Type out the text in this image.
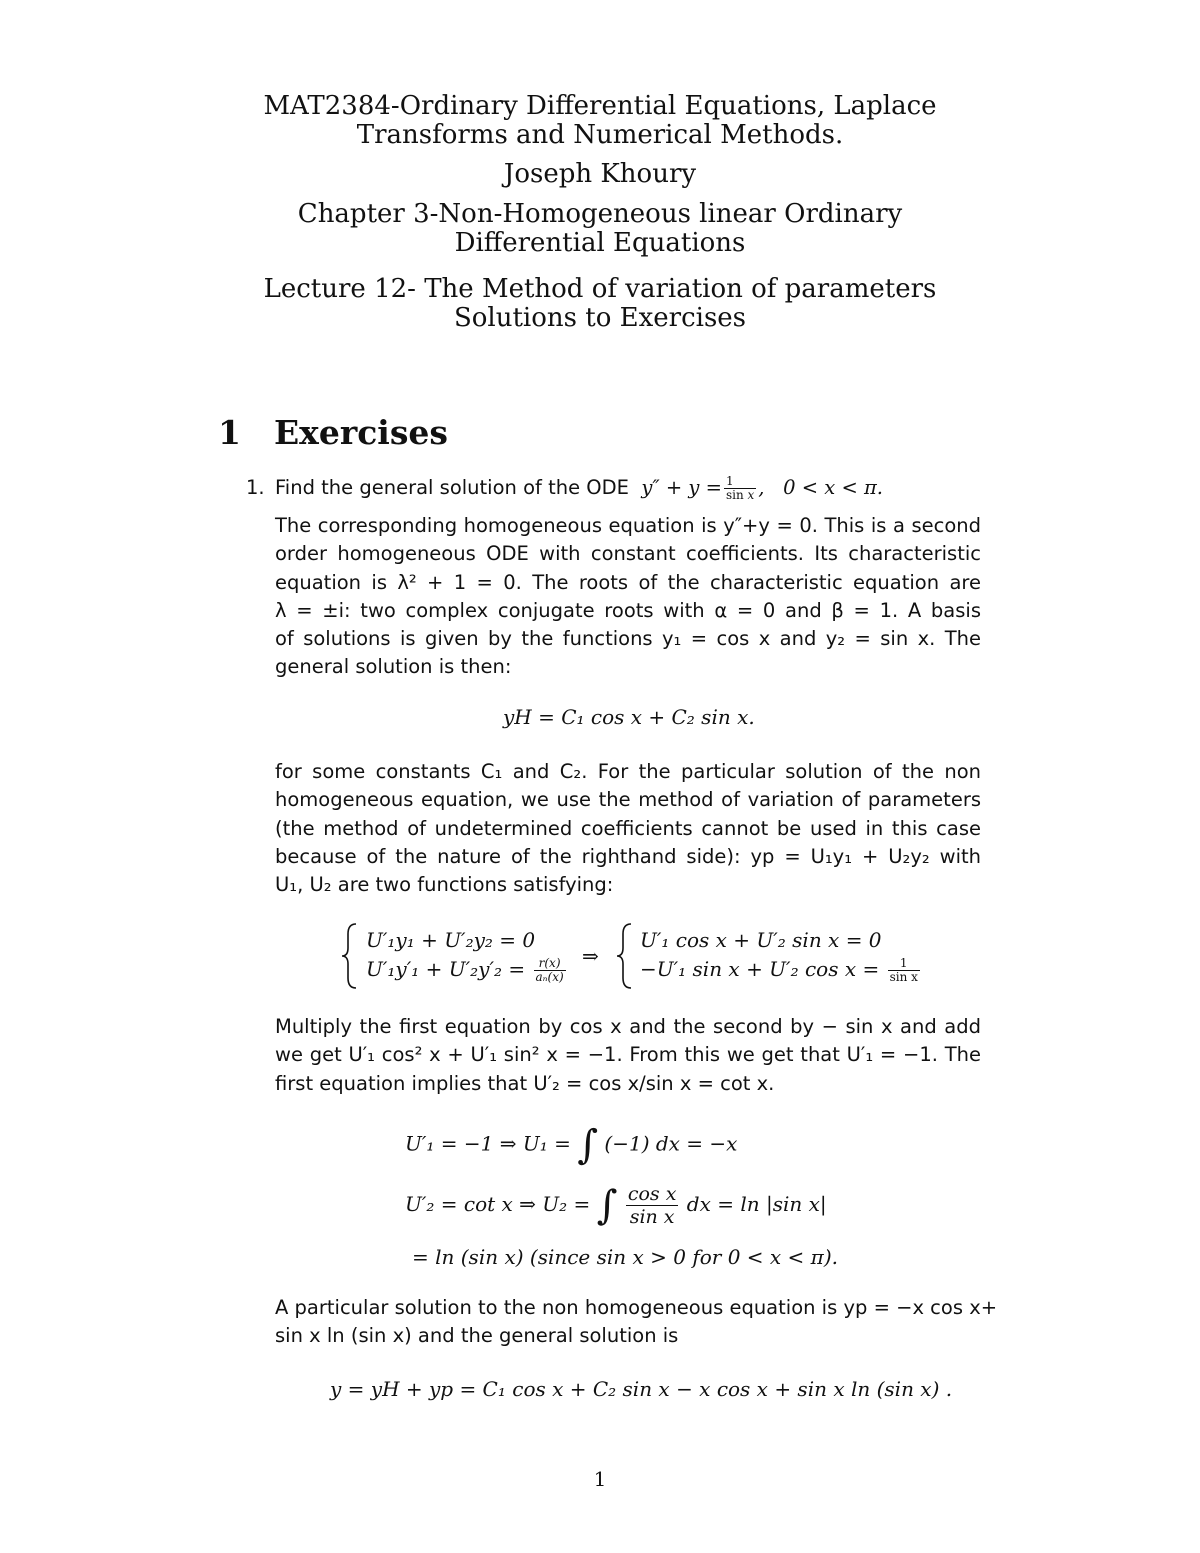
MAT2384-Ordinary Differential Equations, Laplace
Transforms and Numerical Methods.
Joseph Khoury
Chapter 3-Non-Homogeneous linear Ordinary
Differential Equations
Lecture 12- The Method of variation of parameters
Solutions to Exercises
1 Exercises
1. Find the general solution of the ODE  $y'' + y = \frac{1}{\text{sin x}}$ , 0 < x < π.
The corresponding homogeneous equation is y″+y = 0. This is a second
order homogeneous ODE with constant coefficients. Its characteristic
equation is λ² + 1 = 0. The roots of the characteristic equation are
λ = ±i: two complex conjugate roots with α = 0 and β = 1. A basis
of solutions is given by the functions y₁ = cos x and y₂ = sin x. The
general solution is then:
yH = C₁ cos x + C₂ sin x.
for some constants C₁ and C₂. For the particular solution of the non
homogeneous equation, we use the method of variation of parameters
(the method of undetermined coefficients cannot be used in this case
because of the nature of the righthand side): yp = U₁y₁ + U₂y₂ with
U₁, U₂ are two functions satisfying:
U′₁y₁ + U′₂y₂ = 0
$U'_1y'_1 + U'_2y'_2 = \frac{r(x)}{\text{aₙ(x)}}$
⇒
U′₁ cos x + U′₂ sin x = 0
−U′₁ sin x + U′₂ $\cos x = \frac{1}{\text{sin x}}$
Multiply the first equation by cos x and the second by − sin x and add
we get U′₁ cos² x + U′₁ sin² x = −1. From this we get that U′₁ = −1. The
first equation implies that U′₂ = cos x/sin x = cot x.
U′₁ = −1 ⇒ U₁ = ∫ (−1) dx = −x
U′₂ = cot x ⇒ U₂ = ∫ $\frac{\text{cos x}}{\text{sin x}}$ dx = ln |sin x|
= ln (sin x) (since sin x > 0 for 0 < x < π).
A particular solution to the non homogeneous equation is yp = −x cos x+
sin x ln (sin x) and the general solution is
y = yH + yp = C₁ cos x + C₂ sin x − x cos x + sin x ln (sin x) .
1
